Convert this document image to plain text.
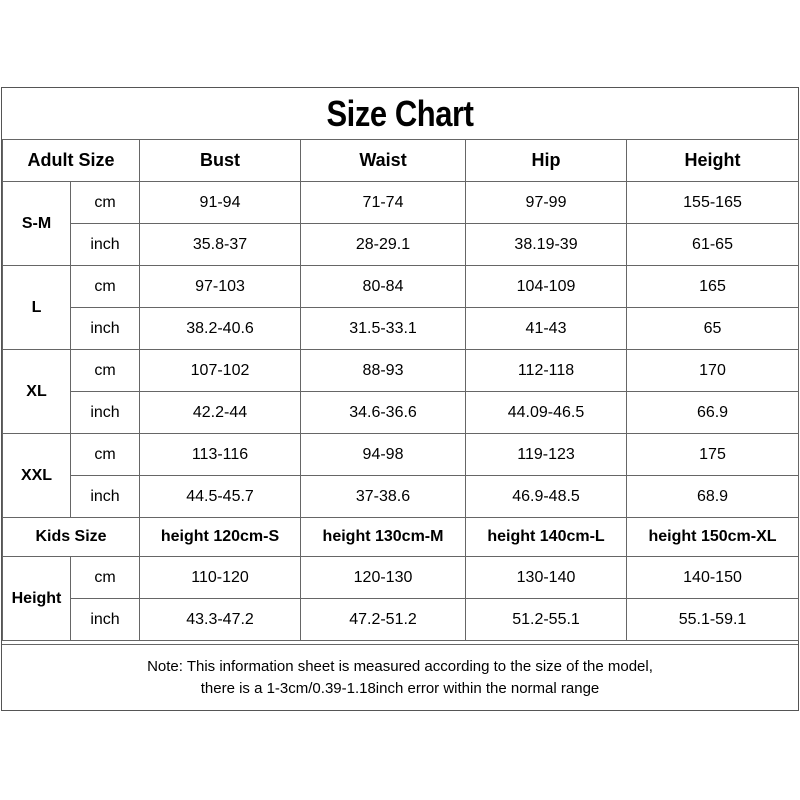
Size Chart
Adult Size		Bust	Waist	Hip	Height
S-M	cm	91-94	71-74	97-99	155-165
	inch	35.8-37	28-29.1	38.19-39	61-65
L	cm	97-103	80-84	104-109	165
	inch	38.2-40.6	31.5-33.1	41-43	65
XL	cm	107-102	88-93	112-118	170
	inch	42.2-44	34.6-36.6	44.09-46.5	66.9
XXL	cm	113-116	94-98	119-123	175
	inch	44.5-45.7	37-38.6	46.9-48.5	68.9
Kids Size		height 120cm-S	height 130cm-M	height 140cm-L	height 150cm-XL
Height	cm	110-120	120-130	130-140	140-150
	inch	43.3-47.2	47.2-51.2	51.2-55.1	55.1-59.1
Note: This information sheet is measured according to the size of the model,
there is a 1-3cm/0.39-1.18inch error within the normal range
